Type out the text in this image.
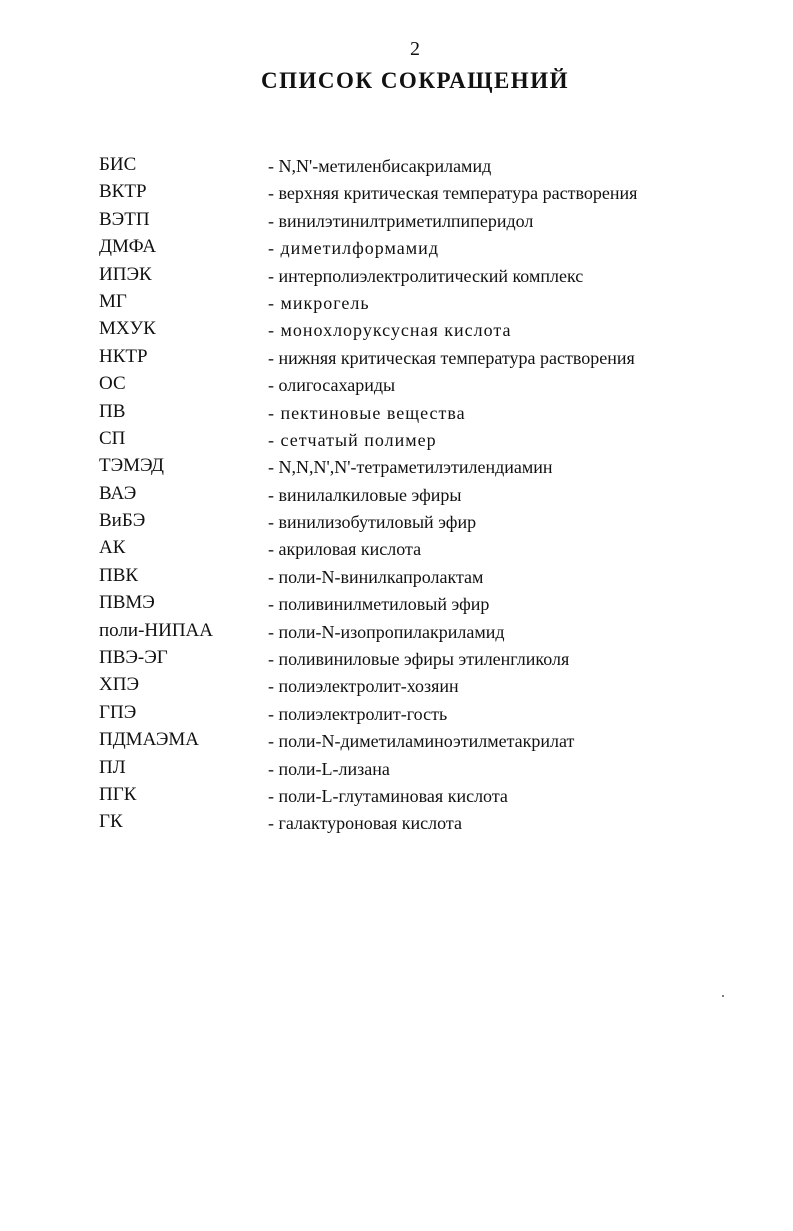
2
СПИСОК СОКРАЩЕНИЙ
БИС	- N,N'-метиленбисакриламид
ВКТР	- верхняя критическая температура растворения
ВЭТП	- винилэтинилтриметилпиперидол
ДМФА	- диметилформамид
ИПЭК	- интерполиэлектролитический комплекс
МГ	- микрогель
МХУК	- монохлоруксусная кислота
НКТР	- нижняя критическая температура растворения
ОС	- олигосахариды
ПВ	- пектиновые вещества
СП	- сетчатый полимер
ТЭМЭД	- N,N,N',N'-тетраметилэтилендиамин
ВАЭ	- винилалкиловые эфиры
ВиБЭ	- винилизобутиловый эфир
АК	- акриловая кислота
ПВК	- поли-N-винилкапролактам
ПВМЭ	- поливинилметиловый эфир
поли-НИПАА	- поли-N-изопропилакриламид
ПВЭ-ЭГ	- поливиниловые эфиры этиленгликоля
ХПЭ	- полиэлектролит-хозяин
ГПЭ	- полиэлектролит-гость
ПДМАЭМА	- поли-N-диметиламиноэтилметакрилат
ПЛ	- поли-L-лизана
ПГК	- поли-L-глутаминовая кислота
ГК	- галактуроновая кислота
